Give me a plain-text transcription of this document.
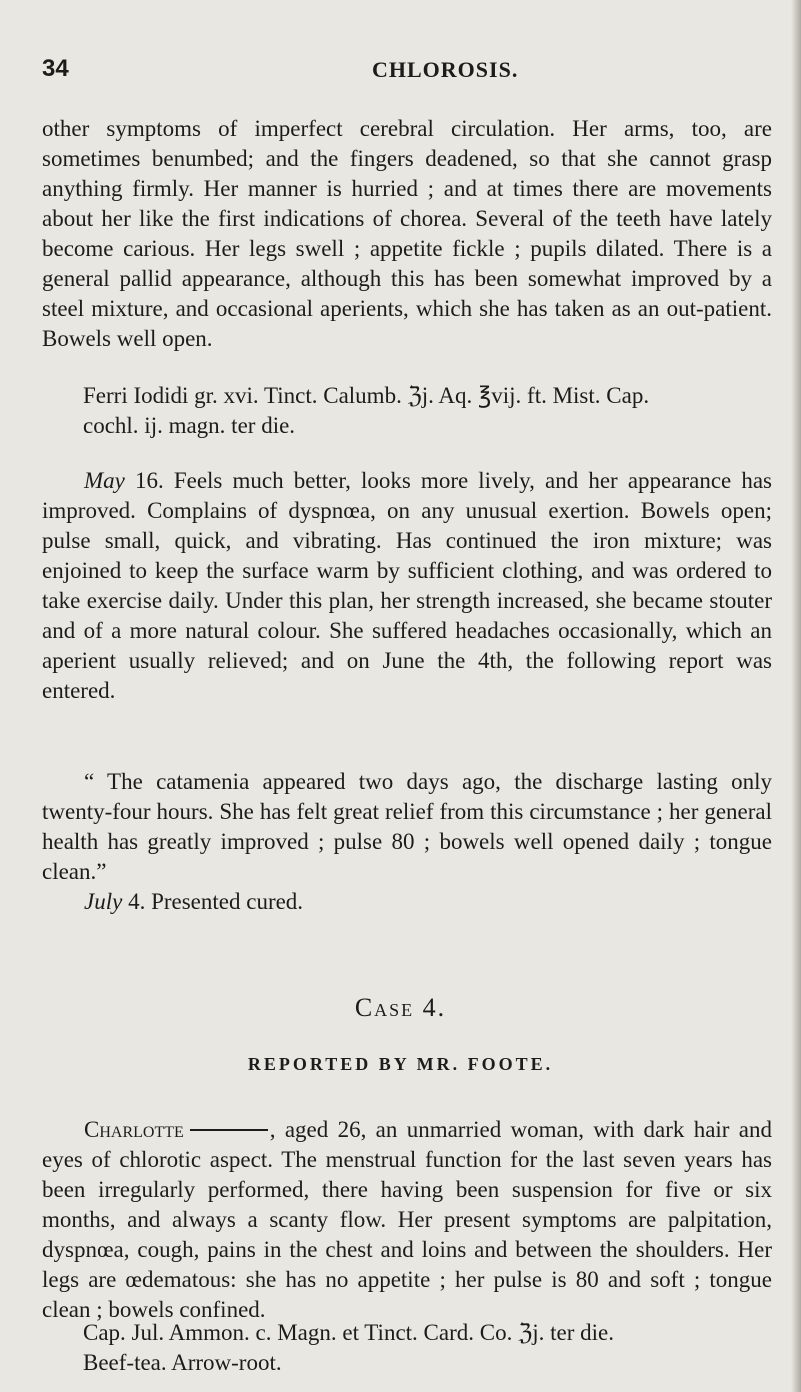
34	CHLOROSIS.

other symptoms of imperfect cerebral circulation. Her arms, too, are sometimes benumbed; and the fingers deadened, so that she cannot grasp anything firmly. Her manner is hurried ; and at times there are movements about her like the first indications of chorea. Several of the teeth have lately become carious. Her legs swell ; appetite fickle ; pupils dilated. There is a general pallid appearance, although this has been somewhat improved by a steel mixture, and occasional aperients, which she has taken as an out-patient. Bowels well open.

Ferri Iodidi gr. xvi. Tinct. Calumb. ℨj. Aq. ℥vij. ft. Mist. Cap.
cochl. ij. magn. ter die.

May 16. Feels much better, looks more lively, and her appearance has improved. Complains of dyspnœa, on any unusual exertion. Bowels open; pulse small, quick, and vibrating. Has continued the iron mixture; was enjoined to keep the surface warm by sufficient clothing, and was ordered to take exercise daily. Under this plan, her strength increased, she became stouter and of a more natural colour. She suffered headaches occasionally, which an aperient usually relieved; and on June the 4th, the following report was entered.

“ The catamenia appeared two days ago, the discharge lasting only twenty-four hours. She has felt great relief from this circumstance ; her general health has greatly improved ; pulse 80 ; bowels well opened daily ; tongue clean.”

July 4. Presented cured.

Case 4.
REPORTED BY MR. FOOTE.

Charlotte	, aged 26, an unmarried woman, with dark hair and eyes of chlorotic aspect. The menstrual function for the last seven years has been irregularly performed, there having been suspension for five or six months, and always a scanty flow. Her present symptoms are palpitation, dyspnœa, cough, pains in the chest and loins and between the shoulders. Her legs are œdematous: she has no appetite ; her pulse is 80 and soft ; tongue clean ; bowels confined.

Cap. Jul. Ammon. c. Magn. et Tinct. Card. Co. ℨj. ter die.
Beef-tea. Arrow-root.
